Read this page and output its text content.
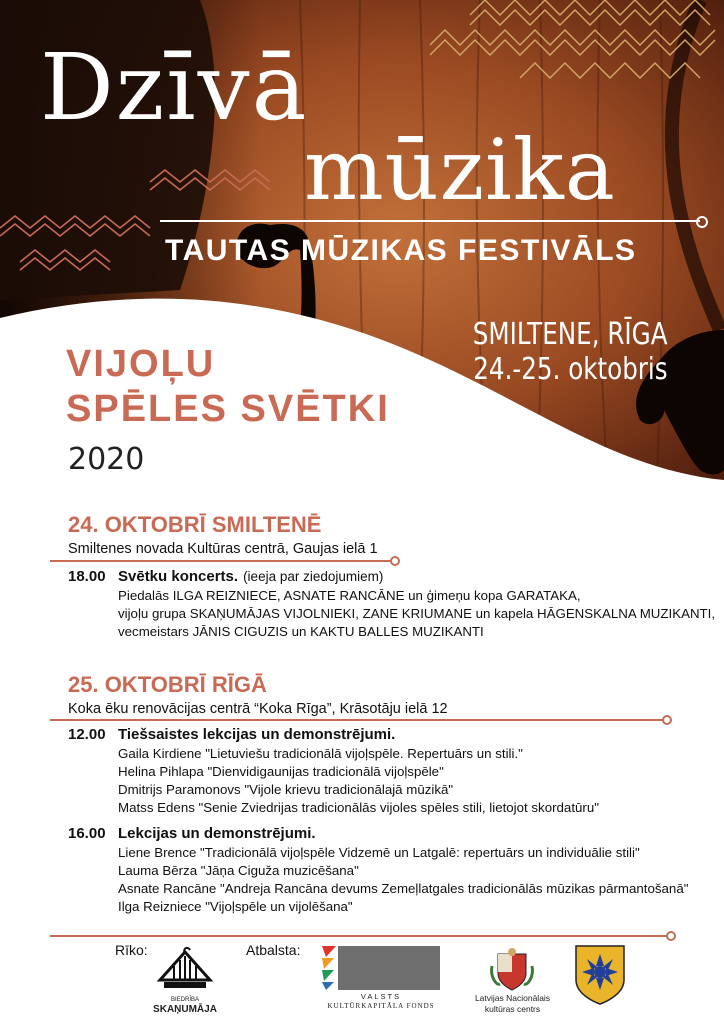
Dzīvā
mūzika
TAUTAS MŪZIKAS FESTIVĀLS
SMILTENE, RĪGA
24.-25. oktobris
VIJOĻU
SPĒLES SVĒTKI
2020
24. OKTOBRĪ SMILTENĒ
Smiltenes novada Kultūras centrā, Gaujas ielā 1
18.00 Svētku koncerts. (ieeja par ziedojumiem)
Piedalās ILGA REIZNIECE, ASNATE RANCĀNE un ģimeņu kopa GARATAKA,
vijoļu grupa SKAŅUMĀJAS VIJOLNIEKI, ZANE KRIUMANE un kapela HĀGENSKALNA MUZIKANTI,
vecmeistars JĀNIS CIGUZIS un KAKTU BALLES MUZIKANTI
25. OKTOBRĪ RĪGĀ
Koka ēku renovācijas centrā “Koka Rīga”, Krāsotāju ielā 12
12.00 Tiešsaistes lekcijas un demonstrējumi.
Gaila Kirdiene "Lietuviešu tradicionālā vijoļspēle. Repertuārs un stili."
Helina Pihlapa "Dienvidigaunijas tradicionālā vijoļspēle"
Dmitrijs Paramonovs "Vijole krievu tradicionālajā mūzikā"
Matss Edens "Senie Zviedrijas tradicionālās vijoles spēles stili, lietojot skordatūru"
16.00 Lekcijas un demonstrējumi.
Liene Brence "Tradicionālā vijoļspēle Vidzemē un Latgalē: repertuārs un individuālie stili"
Lauma Bērza "Jāņa Ciguža muzicēšana"
Asnate Rancāne "Andreja Rancāna devums Zemeļlatgales tradicionālās mūzikas pārmantošanā"
Ilga Reizniece "Vijoļspēle un vijolēšana"
Rīko:	Atbalsta:
BIEDRĪBA
SKAŅUMĀJA
VALSTS
KULTŪRKAPITĀLA FONDS
Latvijas Nacionālais
kultūras centrs
